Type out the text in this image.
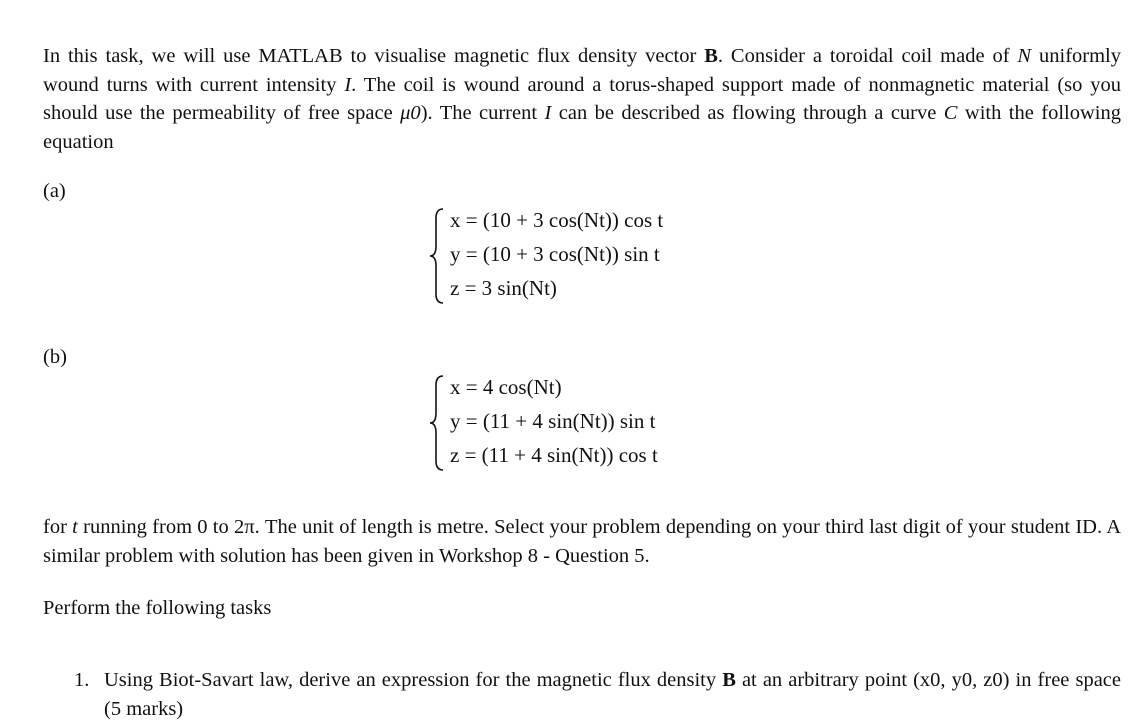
In this task, we will use MATLAB to visualise magnetic flux density vector B. Consider a toroidal coil made of N uniformly wound turns with current intensity I. The coil is wound around a torus-shaped support made of nonmagnetic material (so you should use the permeability of free space μ0). The current I can be described as flowing through a curve C with the following equation

(a)
x = (10 + 3 cos(Nt)) cos t
y = (10 + 3 cos(Nt)) sin t
z = 3 sin(Nt)
(b)
x = 4 cos(Nt)
y = (11 + 4 sin(Nt)) sin t
z = (11 + 4 sin(Nt)) cos t

for t running from 0 to 2π. The unit of length is metre. Select your problem depending on your third last digit of your student ID. A similar problem with solution has been given in Workshop 8 - Question 5.

Perform the following tasks

1. Using Biot-Savart law, derive an expression for the magnetic flux density B at an arbitrary point (x0, y0, z0) in free space (5 marks)
